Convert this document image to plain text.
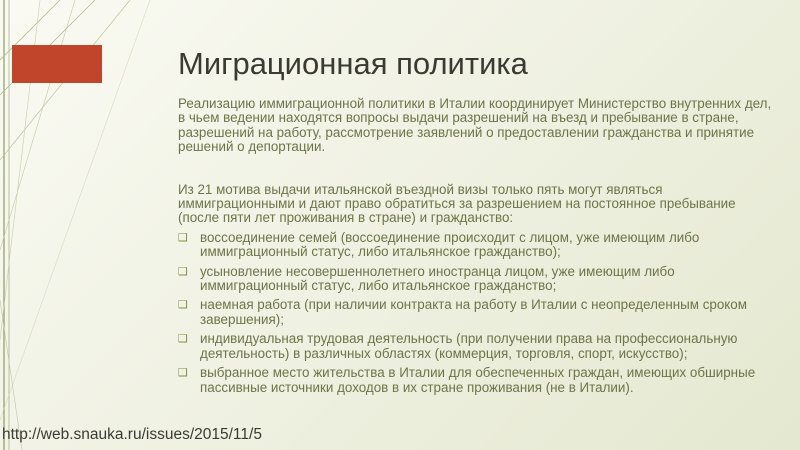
Миграционная политика

Реализацию иммиграционной политики в Италии координирует Министерство внутренних дел, в чьем ведении находятся вопросы выдачи разрешений на въезд и пребывание в стране, разрешений на работу, рассмотрение заявлений о предоставлении гражданства и принятие решений о депортации.

Из 21 мотива выдачи итальянской въездной визы только пять могут являться иммиграционными и дают право обратиться за разрешением на постоянное пребывание (после пяти лет проживания в стране) и гражданство:

❑ воссоединение семей (воссоединение происходит с лицом, уже имеющим либо иммиграционный статус, либо итальянское гражданство);
❑ усыновление несовершеннолетнего иностранца лицом, уже имеющим либо иммиграционный статус, либо итальянское гражданство;
❑ наемная работа (при наличии контракта на работу в Италии с неопределенным сроком завершения);
❑ индивидуальная трудовая деятельность (при получении права на профессиональную деятельность) в различных областях (коммерция, торговля, спорт, искусство);
❑ выбранное место жительства в Италии для обеспеченных граждан, имеющих обширные пассивные источники доходов в их стране проживания (не в Италии).
http://web.snauka.ru/issues/2015/11/5
